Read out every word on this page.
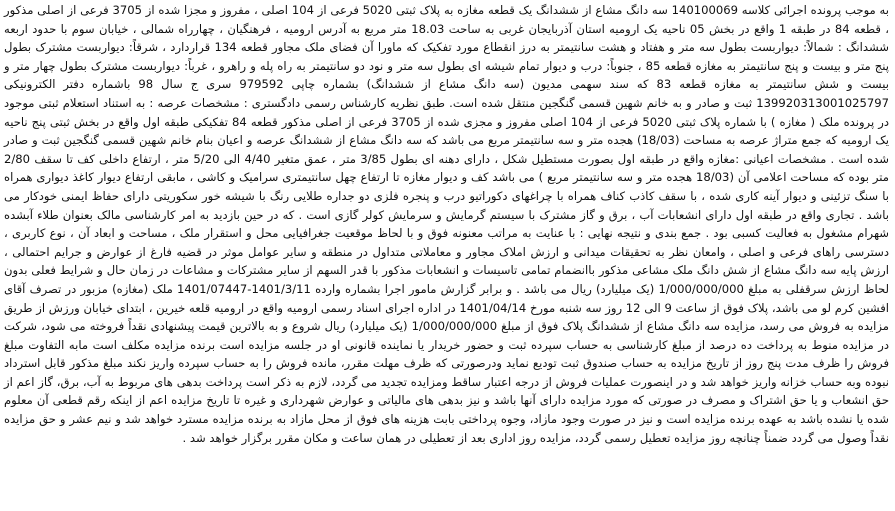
به موجب پرونده اجرائی کلاسه 140100069 سه دانگ مشاع از ششدانگ یک قطعه مغازه به پلاک ثبتی 5020 فرعی از 104 اصلی ، مفروز و مجزا شده از 3705 فرعی از اصلی مذکور ، قطعه 84 در طبقه 1 واقع در بخش 05 ناحیه یک ارومیه استان آذربایجان غربی به ساحت 18.03 متر مربع به آدرس ارومیه ، فرهنگیان ، چهارراه شمالی ، خیابان سوم با حدود اربعه ششدانگ : شمالاً: دیواربست بطول سه متر و هفتاد و هشت سانتیمتر به درز انقطاع مورد تفکیک که ماورا آن فضای ملک مجاور قطعه 134 قراردارد ، شرقاً: دیواربست مشترک بطول پنج متر و بیست و پنج سانتیمتر به مغازه قطعه 85 ، جنوباً: درب و دیوار تمام شیشه ای بطول سه متر و نود دو سانتیمتر به راه پله و راهرو ، غرباً: دیواربست مشترک بطول چهار متر و بیست و شش سانتیمتر به مغازه قطعه 83 که سند سهمی مدیون (سه دانگ مشاع از ششدانگ) بشماره چاپی 979592 سری ج سال 98 باشماره دفتر الکترونیکی 139920313001025797 ثبت و صادر و به خانم شهین قسمی گنگجین منتقل شده است. طبق نظریه کارشناس رسمی دادگستری : مشخصات عرصه : به استناد استعلام ثبتی موجود در پرونده ملک ( مغازه ) با شماره پلاک ثبتی 5020 فرعی از 104 اصلی مفروز و مجزی شده از 3705 فرعی از اصلی مذکور قطعه 84 تفکیکی طبقه اول واقع در بخش ثبتی پنج ناحیه یک ارومیه که جمع متراژ عرصه به مساحت (18/03) هجده متر و سه سانتیمتر مربع می باشد که سه دانگ مشاع از ششدانگ عرصه و اعیان بنام خانم شهین قسمی گنگجین ثبت و صادر شده است . مشخصات اعیانی :مغازه واقع در طبقه اول بصورت مستطیل شکل ، دارای دهنه ای بطول 3/85 متر ، عمق متغیر 4/40 الی 5/20 متر ، ارتفاع داخلی کف تا سقف 2/80 متر بوده که مساحت اعلامی آن (18/03 هجده متر و سه سانتیمتر مربع ) می باشد کف و دیوار مغازه تا ارتفاع چهل سانتیمتری سرامیک و کاشی ، مابقی ارتفاع دیوار کاغذ دیواری همراه با سنگ تزئینی و دیوار آینه کاری شده ، با سقف کاذب کناف همراه با چراغهای دکوراتیو درب و پنجره فلزی دو جداره طلایی رنگ با شیشه خور سکوریتی دارای حفاظ ایمنی خودکار می باشد . تجاری واقع در طبقه اول دارای انشعابات آب ، برق و گاز مشترک با سیستم گرمایش و سرمایش کولر گازی است . که در حین بازدید به امر کارشناسی مالک بعنوان طلاء آبشده شهرام مشغول به فعالیت کسبی بود . جمع بندی و نتیجه نهایی : با عنایت به مراتب معنونه فوق و با لحاظ موقعیت جغرافیایی محل و استقرار ملک ، مساحت و ابعاد آن ، نوع کاربری ، دسترسی راهای فرعی و اصلی ، وامعان نظر به تحقیقات میدانی و ارزش املاک مجاور و معاملاتی متداول در منطقه و سایر عوامل موثر در قضیه فارغ از عوارض و جرایم احتمالی ، ارزش پایه سه دانگ مشاع از شش دانگ ملک مشاعی مذکور باانضمام تمامی تاسیسات و انشعابات مذکور با قدر السهم از سایر مشترکات و مشاعات در زمان حال و شرایط فعلی بدون لحاظ ارزش سرقفلی به مبلغ 1/000/000/000 (یک میلیارد) ریال می باشد . و برابر گزارش مامور اجرا بشماره وارده 1401/3/11-1401/07447 ملک (مغازه) مزبور در تصرف آقای افشین کرم لو می باشد، پلاک فوق از ساعت 9 الی 12 روز سه شنبه مورخ 1401/04/14 در اداره اجرای اسناد رسمی ارومیه واقع در ارومیه قلعه خیرین ، ابتدای خیابان ورزش از طریق مزایده به فروش می رسد، مزایده سه دانگ مشاع از ششدانگ پلاک فوق از مبلغ 1/000/000/000 (یک میلیارد) ریال شروع و به بالاترین قیمت پیشنهادی نقداً فروخته می شود، شرکت در مزایده منوط به پرداخت ده درصد از مبلغ کارشناسی به حساب سپرده ثبت و حضور خریدار یا نماینده قانونی او در جلسه مزایده است برنده مزایده مکلف است مابه التفاوت مبلغ فروش را ظرف مدت پنج روز از تاریخ مزایده به حساب صندوق ثبت تودیع نماید ودرصورتی که ظرف مهلت مقرر، مانده فروش را به حساب سپرده واریز نکند مبلغ مذکور قابل استرداد نبوده وبه حساب خزانه واریز خواهد شد و در اینصورت عملیات فروش از درجه اعتبار ساقط ومزایده تجدید می گردد، لازم به ذکر است پرداخت بدهی های مربوط به آب، برق، گاز اعم از حق انشعاب و یا حق اشتراک و مصرف در صورتی که مورد مزایده دارای آنها باشد و نیز بدهی های مالیاتی و عوارض شهرداری و غیره تا تاریخ مزایده اعم از اینکه رقم قطعی آن معلوم شده یا نشده باشد به عهده برنده مزایده است و نیز در صورت وجود مازاد، وجوه پرداختی بابت هزینه های فوق از محل مازاد به برنده مزایده مسترد خواهد شد و نیم عشر و حق مزایده نقداً وصول می گردد ضمناً چنانچه روز مزایده تعطیل رسمی گردد، مزایده روز اداری بعد از تعطیلی در همان ساعت و مکان مقرر برگزار خواهد شد .
